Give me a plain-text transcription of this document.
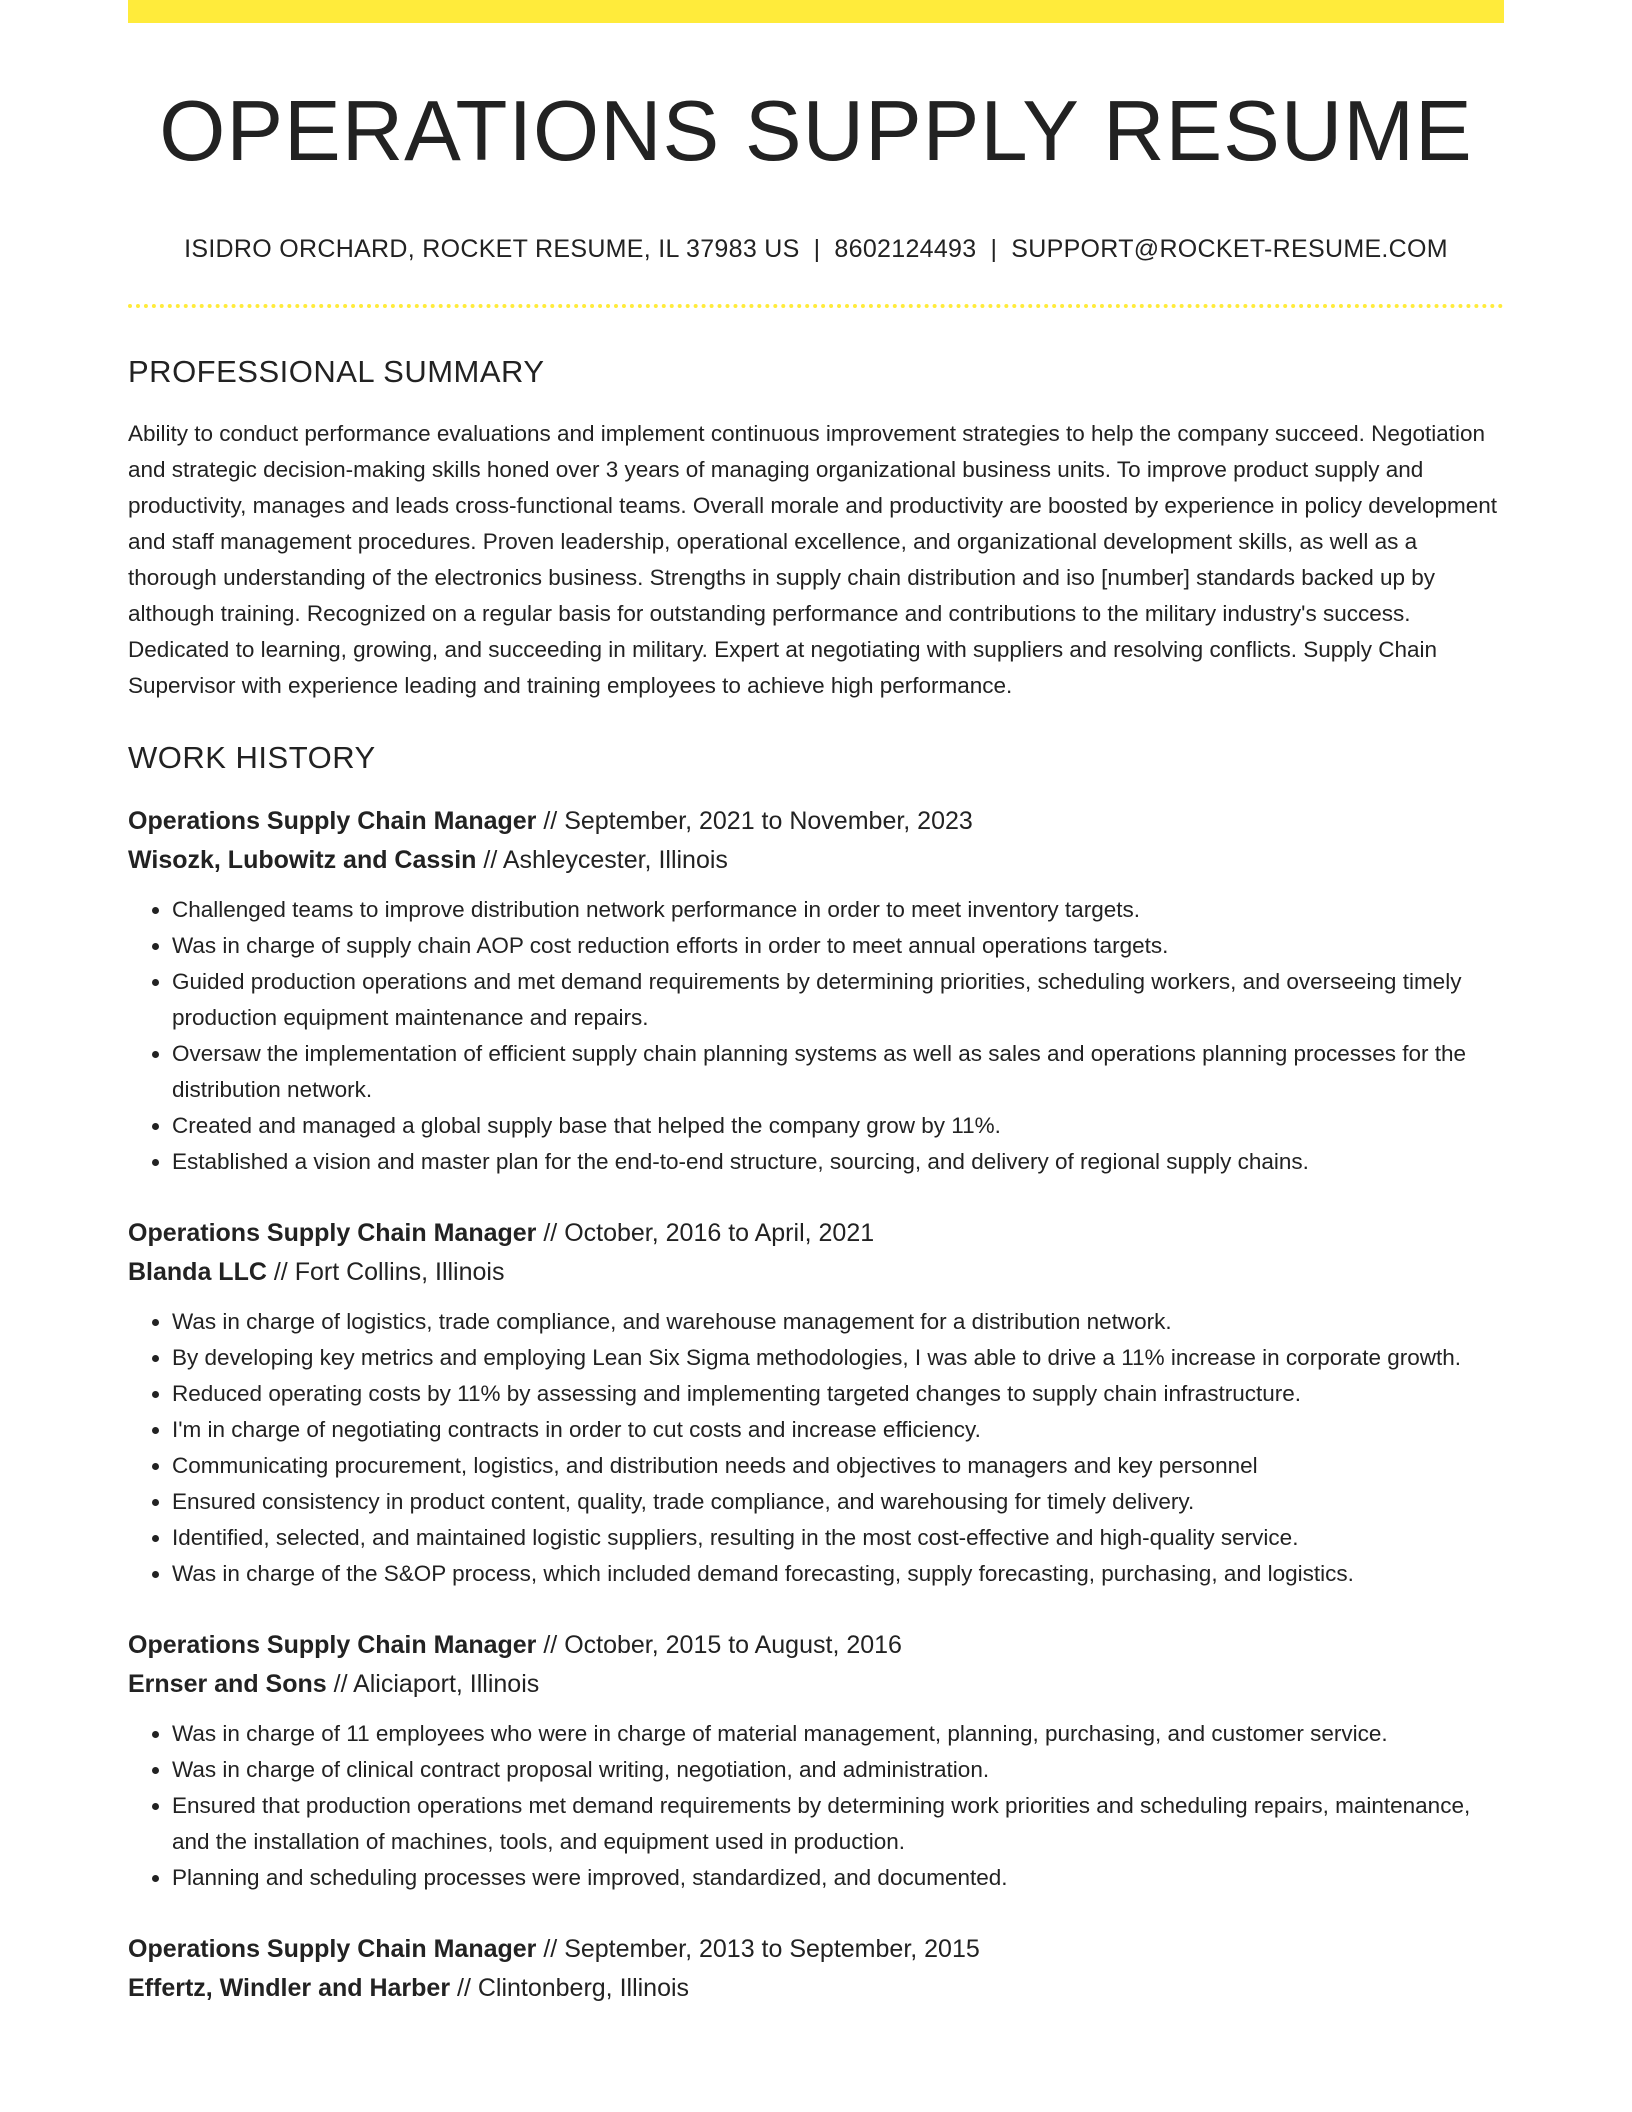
OPERATIONS SUPPLY RESUME
ISIDRO ORCHARD, ROCKET RESUME, IL 37983 US | 8602124493 | SUPPORT@ROCKET-RESUME.COM
PROFESSIONAL SUMMARY

Ability to conduct performance evaluations and implement continuous improvement strategies to help the company succeed. Negotiation and strategic decision-making skills honed over 3 years of managing organizational business units. To improve product supply and productivity, manages and leads cross-functional teams. Overall morale and productivity are boosted by experience in policy development and staff management procedures. Proven leadership, operational excellence, and organizational development skills, as well as a thorough understanding of the electronics business. Strengths in supply chain distribution and iso [number] standards backed up by although training. Recognized on a regular basis for outstanding performance and contributions to the military industry's success. Dedicated to learning, growing, and succeeding in military. Expert at negotiating with suppliers and resolving conflicts. Supply Chain Supervisor with experience leading and training employees to achieve high performance.

WORK HISTORY
Operations Supply Chain Manager // September, 2021 to November, 2023
Wisozk, Lubowitz and Cassin // Ashleycester, Illinois
• Challenged teams to improve distribution network performance in order to meet inventory targets.
• Was in charge of supply chain AOP cost reduction efforts in order to meet annual operations targets.
• Guided production operations and met demand requirements by determining priorities, scheduling workers, and overseeing timely production equipment maintenance and repairs.
• Oversaw the implementation of efficient supply chain planning systems as well as sales and operations planning processes for the distribution network.
• Created and managed a global supply base that helped the company grow by 11%.
• Established a vision and master plan for the end-to-end structure, sourcing, and delivery of regional supply chains.
Operations Supply Chain Manager // October, 2016 to April, 2021
Blanda LLC // Fort Collins, Illinois
• Was in charge of logistics, trade compliance, and warehouse management for a distribution network.
• By developing key metrics and employing Lean Six Sigma methodologies, I was able to drive a 11% increase in corporate growth.
• Reduced operating costs by 11% by assessing and implementing targeted changes to supply chain infrastructure.
• I'm in charge of negotiating contracts in order to cut costs and increase efficiency.
• Communicating procurement, logistics, and distribution needs and objectives to managers and key personnel
• Ensured consistency in product content, quality, trade compliance, and warehousing for timely delivery.
• Identified, selected, and maintained logistic suppliers, resulting in the most cost-effective and high-quality service.
• Was in charge of the S&OP process, which included demand forecasting, supply forecasting, purchasing, and logistics.
Operations Supply Chain Manager // October, 2015 to August, 2016
Ernser and Sons // Aliciaport, Illinois
• Was in charge of 11 employees who were in charge of material management, planning, purchasing, and customer service.
• Was in charge of clinical contract proposal writing, negotiation, and administration.
• Ensured that production operations met demand requirements by determining work priorities and scheduling repairs, maintenance, and the installation of machines, tools, and equipment used in production.
• Planning and scheduling processes were improved, standardized, and documented.
Operations Supply Chain Manager // September, 2013 to September, 2015
Effertz, Windler and Harber // Clintonberg, Illinois
